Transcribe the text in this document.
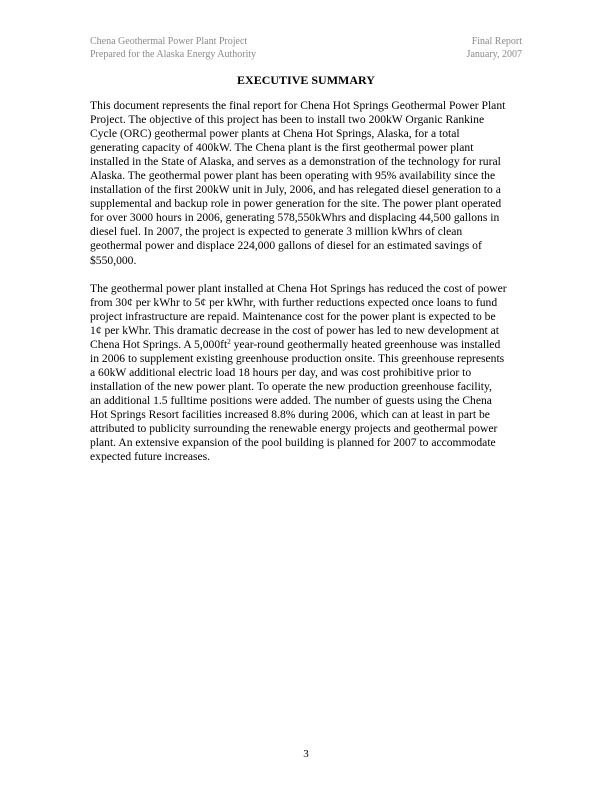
Chena Geothermal Power Plant Project
Prepared for the Alaska Energy Authority
Final Report
January, 2007
EXECUTIVE SUMMARY

This document represents the final report for Chena Hot Springs Geothermal Power Plant
Project. The objective of this project has been to install two 200kW Organic Rankine
Cycle (ORC) geothermal power plants at Chena Hot Springs, Alaska, for a total
generating capacity of 400kW. The Chena plant is the first geothermal power plant
installed in the State of Alaska, and serves as a demonstration of the technology for rural
Alaska. The geothermal power plant has been operating with 95% availability since the
installation of the first 200kW unit in July, 2006, and has relegated diesel generation to a
supplemental and backup role in power generation for the site. The power plant operated
for over 3000 hours in 2006, generating 578,550kWhrs and displacing 44,500 gallons in
diesel fuel. In 2007, the project is expected to generate 3 million kWhrs of clean
geothermal power and displace 224,000 gallons of diesel for an estimated savings of
$550,000.

The geothermal power plant installed at Chena Hot Springs has reduced the cost of power
from 30¢ per kWhr to 5¢ per kWhr, with further reductions expected once loans to fund
project infrastructure are repaid. Maintenance cost for the power plant is expected to be
1¢ per kWhr. This dramatic decrease in the cost of power has led to new development at
Chena Hot Springs. A $5,000ft^2$ year-round geothermally heated greenhouse was installed
in 2006 to supplement existing greenhouse production onsite. This greenhouse represents
a 60kW additional electric load 18 hours per day, and was cost prohibitive prior to
installation of the new power plant. To operate the new production greenhouse facility,
an additional 1.5 fulltime positions were added. The number of guests using the Chena
Hot Springs Resort facilities increased 8.8% during 2006, which can at least in part be
attributed to publicity surrounding the renewable energy projects and geothermal power
plant. An extensive expansion of the pool building is planned for 2007 to accommodate
expected future increases.

3
